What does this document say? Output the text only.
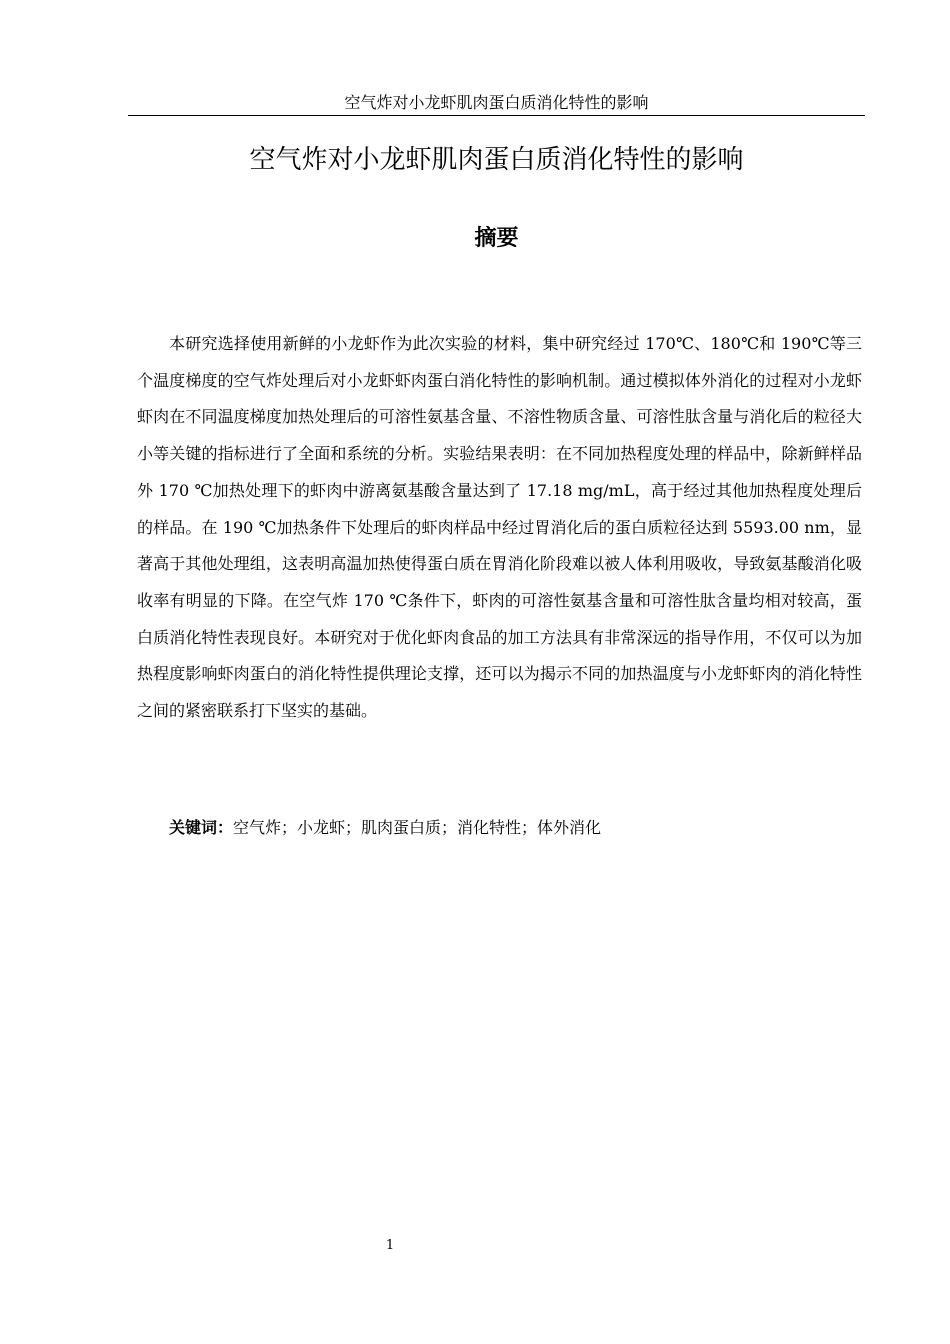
空气炸对小龙虾肌肉蛋白质消化特性的影响
空气炸对小龙虾肌肉蛋白质消化特性的影响
摘要

本研究选择使用新鲜的小龙虾作为此次实验的材料，集中研究经过 170℃、180℃和 190℃等三个温度梯度的空气炸处理后对小龙虾虾肉蛋白消化特性的影响机制。通过模拟体外消化的过程对小龙虾虾肉在不同温度梯度加热处理后的可溶性氨基含量、不溶性物质含量、可溶性肽含量与消化后的粒径大小等关键的指标进行了全面和系统的分析。实验结果表明：在不同加热程度处理的样品中，除新鲜样品外 170 ℃加热处理下的虾肉中游离氨基酸含量达到了 17.18 mg/mL，高于经过其他加热程度处理后的样品。在 190 ℃加热条件下处理后的虾肉样品中经过胃消化后的蛋白质粒径达到 5593.00 nm，显著高于其他处理组，这表明高温加热使得蛋白质在胃消化阶段难以被人体利用吸收，导致氨基酸消化吸收率有明显的下降。在空气炸 170 ℃条件下，虾肉的可溶性氨基含量和可溶性肽含量均相对较高，蛋白质消化特性表现良好。本研究对于优化虾肉食品的加工方法具有非常深远的指导作用，不仅可以为加热程度影响虾肉蛋白的消化特性提供理论支撑，还可以为揭示不同的加热温度与小龙虾虾肉的消化特性之间的紧密联系打下坚实的基础。

关键词：空气炸；小龙虾；肌肉蛋白质；消化特性；体外消化

1
